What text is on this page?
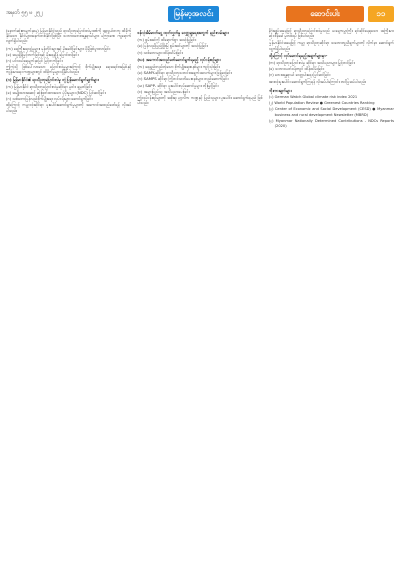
အမှတ် ၅၅ ဗ ၂၅၂	မြန်မာ့အလင်း	ဆောင်းပါး	၁၁

(နောက်ဆုံးစာမျက်နှာမှ) မြန်မာနိုင်ငံသည် ရာသီဥတုပြောင်းလဲမှုဒဏ်ကို အလွယ်တကူ ထိခိုက်နိုင်သော နိုင်ငံများအနက်တစ်နိုင်ငံဖြစ်ပြီး သဘာဝဘေးအန္တရာယ်များ မကြာခဏ ကျရောက်လျက်ရှိပါသည်။

(က) ရေကြီးရေလျှံမှုများ၊ မုန်တိုင်းများနှင့် မိုးခေါင်ခြင်းများ ပိုမိုဖြစ်ပွားလာခြင်း

(ခ) အပူချိန်မြင့်တက်ခြင်းနှင့် မိုးရေချိန် ပြောင်းလဲခြင်း

(ဂ) ပင်လယ်ရေမျက်နှာပြင် မြင့်တက်ခြင်း

ဤကဲ့သို့ ဖြစ်ပေါ်လာသော ပြောင်းလဲမှုများကြောင့် စိုက်ပျိုးရေး၊ ရေအရင်းအမြစ်နှင့် ကျန်းမာရေး ကဏ္ဍများတွင် ထိခိုက်မှုများ ရှိနိုင်ပါသည်။

(ဂ) မြန်မာနိုင်ငံ၏ ရာသီဥတုပြောင်းလဲမှု တုံ့ပြန်ဆောင်ရွက်ချက်များ

(က) မြန်မာနိုင်ငံ ရာသီဥတုပြောင်းလဲမှုဆိုင်ရာ မူဝါဒ ချမှတ်ခြင်း

(ခ) အမျိုးသားအဆင့် ဆုံးဖြတ်ထားသော ပံ့ပိုးမှုများ (NDC) ပြင်ဆင်ခြင်း

(ဂ) သစ်တောပြန်လည်စိုက်ပျိုးရေး လုပ်ငန်းများ ဆောင်ရွက်ခြင်း

ထို့ကြောင့် ကမ္ဘာလုံးဆိုင်ရာ ပူးပေါင်းဆောင်ရွက်မှုများကို အကောင်အထည်ဖော်ရန် လိုအပ်ပါသည်။

ဖန်လုံအိမ်ဓာတ်ငွေ့ ထုတ်လွှတ်မှု လျှော့ချရေးအတွက် နည်းလမ်းများ

(က) စွမ်းအင်ကို ထိရောက်စွာ အသုံးပြုခြင်း

(ခ) ပြန်လည်ပြည့်ဖြိုးမြဲ စွမ်းအင်များကို အသုံးပြုခြင်း

(ဂ) သစ်တောများ ထိန်းသိမ်းခြင်း

(ဃ) အကောင်အထည်ဖော်ဆောင်ရွက်ရမည့် လုပ်ငန်းစဉ်များ

(က) ရေရှည်တည်တံ့သော စိုက်ပျိုးရေးစနစ်များ ကျင့်သုံးခြင်း

(ခ) SAMY-ဆိုင်ရာ ရာသီဥတုသတင်းအချက်အလက်များ ဖြန့်ဝေခြင်း

(ဂ) SAMPS ဆိုင်ရာ ကြိုတင်သတိပေးစနစ်များ တည်ဆောက်ခြင်း

(ဃ) SAPP- ဆိုင်ရာ ပူးပေါင်းလုပ်ဆောင်မှုများ တိုးမြှင့်ခြင်း

(င) အများပြည်သူ အသိပညာပေးခြင်း

ဤလုပ်ငန်းစဉ်များကို အစိုးရ၊ ပုဂ္ဂလိက ကဏ္ဍနှင့် ပြည်သူများ ပူးပေါင်း ဆောင်ရွက်ရမည် ဖြစ်ပါသည်။

နိဂုံးချုပ်အနေဖြင့် ရာသီဥတုပြောင်းလဲမှုသည် ယနေ့ကမ္ဘာကြီး ရင်ဆိုင်နေရသော အကြီးမားဆုံး စိန်ခေါ်မှုတစ်ရပ် ဖြစ်ပါသည်။

မြန်မာနိုင်ငံအနေဖြင့် ကမ္ဘာ့ ရာသီဥတုဆိုင်ရာ သဘောတူညီချက်များကို လိုက်နာ ဆောင်ရွက်လျက်ရှိပါသည်။

ထို့ကြောင့် လုပ်ဆောင်ရမည့်အချက်များမှာ-

(က) ရာသီဥတုပြောင်းလဲမှု ဆိုင်ရာ အသိပညာများ မြှင့်တင်ခြင်း

(ခ) သဘာဝပတ်ဝန်းကျင် ထိန်းသိမ်းခြင်း

(ဂ) ဘေးအန္တရာယ် လျော့ပါးရေး ပြင်ဆင်ခြင်း

အားလုံးပူးပေါင်း ဆောင်ရွက်ကြရန် လိုအပ်ပါကြောင်း တင်ပြအပ်ပါသည်။

ကိုးကားချက်များ

(၁) German Watch Global climate risk index 2021

(၂) World Population Review ● Greenest Countries Ranking

(၃) Center of Economic and Social Development (CESD) ● Myanmar business and rural development Newsletter (MBRD)

(၄) Myanmar Nationally Determined Contributions - NDCs Reports (2020)
